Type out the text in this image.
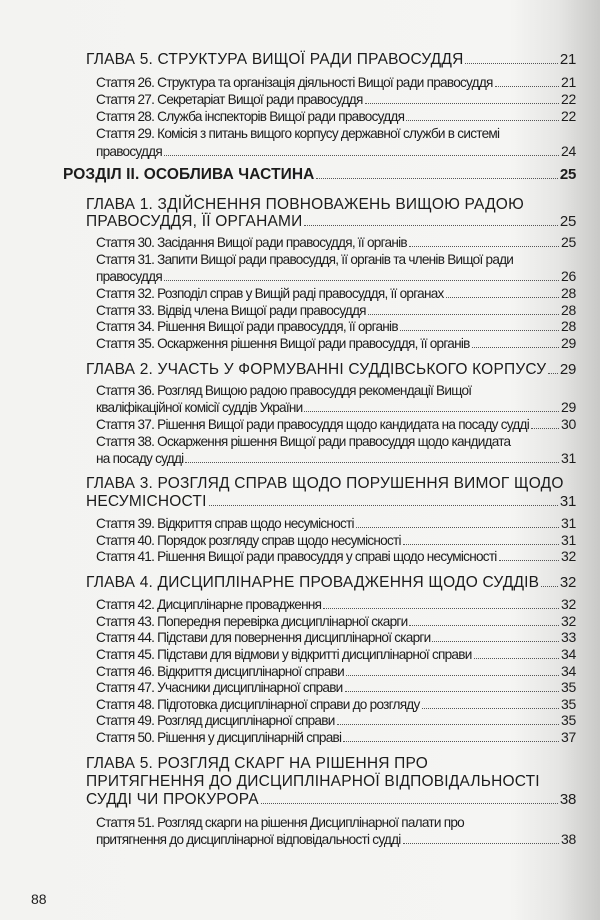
ГЛАВА 5. СТРУКТУРА ВИЩОЇ РАДИ ПРАВОСУДДЯ	21
Стаття 26. Структура та організація діяльності Вищої ради правосуддя	21
Стаття 27. Секретаріат Вищої ради правосуддя	22
Стаття 28. Служба інспекторів Вищої ради правосуддя	22
Стаття 29. Комісія з питань вищого корпусу державної служби в системі
правосуддя	24
РОЗДІЛ II. ОСОБЛИВА ЧАСТИНА	25
ГЛАВА 1. ЗДІЙСНЕННЯ ПОВНОВАЖЕНЬ ВИЩОЮ РАДОЮ
ПРАВОСУДДЯ, ЇЇ ОРГАНАМИ	25
Стаття 30. Засідання Вищої ради правосуддя, її органів	25
Стаття 31. Запити Вищої ради правосуддя, її органів та членів Вищої ради
правосуддя	26
Стаття 32. Розподіл справ у Вищій раді правосуддя, її органах	28
Стаття 33. Відвід члена Вищої ради правосуддя	28
Стаття 34. Рішення Вищої ради правосуддя, її органів	28
Стаття 35. Оскарження рішення Вищої ради правосуддя, її органів	29
ГЛАВА 2. УЧАСТЬ У ФОРМУВАННІ СУДДІВСЬКОГО КОРПУСУ 29
Стаття 36. Розгляд Вищою радою правосуддя рекомендації Вищої
кваліфікаційної комісії суддів України	29
Стаття 37. Рішення Вищої ради правосуддя щодо кандидата на посаду судді 30
Стаття 38. Оскарження рішення Вищої ради правосуддя щодо кандидата
на посаду судді	31
ГЛАВА 3. РОЗГЛЯД СПРАВ ЩОДО ПОРУШЕННЯ ВИМОГ ЩОДО
НЕСУМІСНОСТІ	31
Стаття 39. Відкриття справ щодо несумісності	31
Стаття 40. Порядок розгляду справ щодо несумісності	31
Стаття 41. Рішення Вищої ради правосуддя у справі щодо несумісності	32
ГЛАВА 4. ДИСЦИПЛІНАРНЕ ПРОВАДЖЕННЯ ЩОДО СУДДІВ 32
Стаття 42. Дисциплінарне провадження	32
Стаття 43. Попередня перевірка дисциплінарної скарги	32
Стаття 44. Підстави для повернення дисциплінарної скарги	33
Стаття 45. Підстави для відмови у відкритті дисциплінарної справи	34
Стаття 46. Відкриття дисциплінарної справи	34
Стаття 47. Учасники дисциплінарної справи	35
Стаття 48. Підготовка дисциплінарної справи до розгляду	35
Стаття 49. Розгляд дисциплінарної справи	35
Стаття 50. Рішення у дисциплінарній справі	37
ГЛАВА 5. РОЗГЛЯД СКАРГ НА РІШЕННЯ ПРО
ПРИТЯГНЕННЯ ДО ДИСЦИПЛІНАРНОЇ ВІДПОВІДАЛЬНОСТІ
СУДДІ ЧИ ПРОКУРОРА	38
Стаття 51. Розгляд скарги на рішення Дисциплінарної палати про
притягнення до дисциплінарної відповідальності судді	38
88
